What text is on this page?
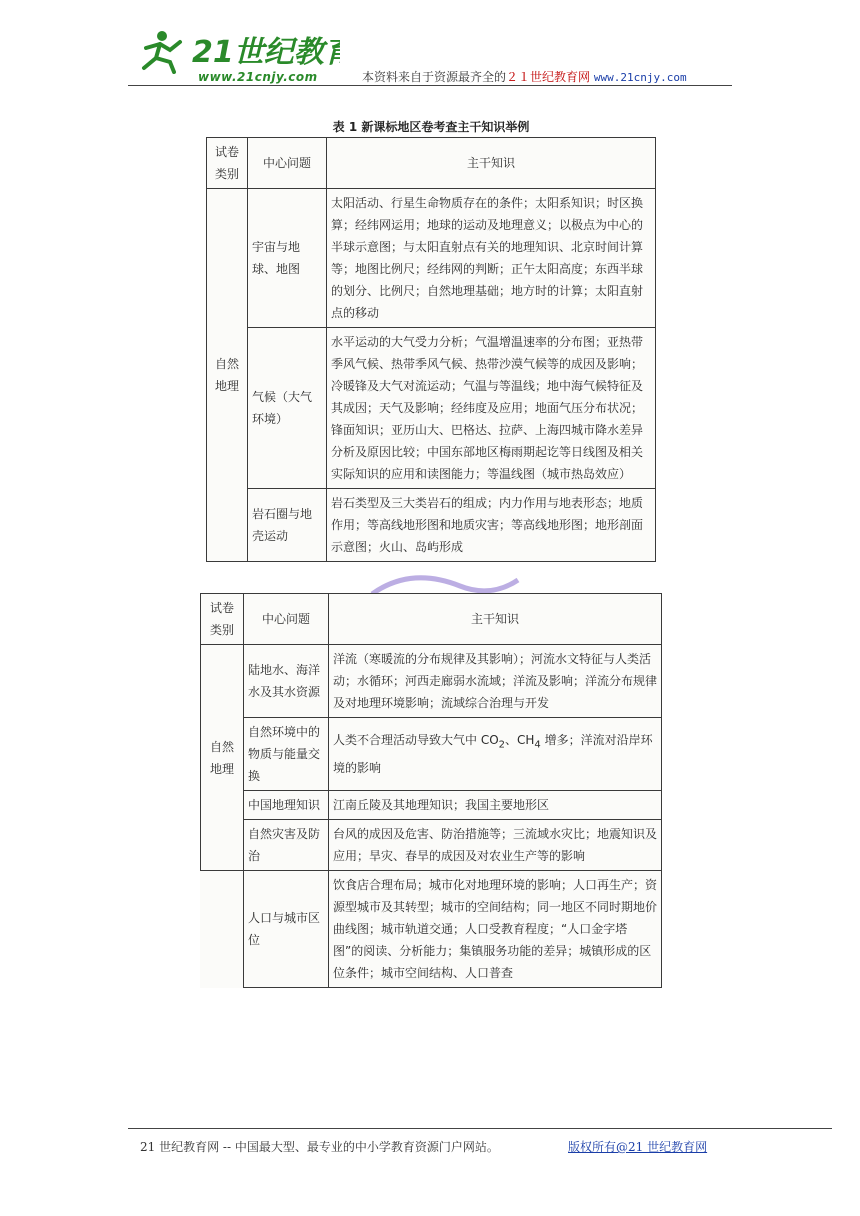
21世纪教育
www.21cnjy.com	本资料来自于资源最齐全的２１世纪教育网 www.21cnjy.com
表 1 新课标地区卷考查主干知识举例
试卷类别	中心问题	主干知识
自然地理	宇宙与地球、地图	太阳活动、行星生命物质存在的条件；太阳系知识；时区换算；经纬网运用；地球的运动及地理意义；以极点为中心的半球示意图；与太阳直射点有关的地理知识、北京时间计算等；地图比例尺；经纬网的判断；正午太阳高度；东西半球的划分、比例尺；自然地理基础；地方时的计算；太阳直射点的移动
	气候（大气环境）	水平运动的大气受力分析；气温增温速率的分布图；亚热带季风气候、热带季风气候、热带沙漠气候等的成因及影响；冷暖锋及大气对流运动；气温与等温线；地中海气候特征及其成因；天气及影响；经纬度及应用；地面气压分布状况；锋面知识；亚历山大、巴格达、拉萨、上海四城市降水差异分析及原因比较；中国东部地区梅雨期起讫等日线图及相关实际知识的应用和读图能力；等温线图（城市热岛效应）
	岩石圈与地壳运动	岩石类型及三大类岩石的组成；内力作用与地表形态；地质作用；等高线地形图和地质灾害；等高线地形图；地形剖面示意图；火山、岛屿形成
试卷类别	中心问题	主干知识
自然地理	陆地水、海洋水及其水资源	洋流（寒暖流的分布规律及其影响）；河流水文特征与人类活动；水循环；河西走廊弱水流域；洋流及影响；洋流分布规律及对地理环境影响；流域综合治理与开发
	自然环境中的物质与能量交换	人类不合理活动导致大气中 $CO_2$、$CH_4$ 增多；洋流对沿岸环境的影响
	中国地理知识	江南丘陵及其地理知识；我国主要地形区
	自然灾害及防治	台风的成因及危害、防治措施等；三流域水灾比；地震知识及应用；旱灾、春旱的成因及对农业生产等的影响
	人口与城市区位	饮食店合理布局；城市化对地理环境的影响；人口再生产；资源型城市及其转型；城市的空间结构；同一地区不同时期地价曲线图；城市轨道交通；人口受教育程度；“人口金字塔图”的阅读、分析能力；集镇服务功能的差异；城镇形成的区位条件；城市空间结构、人口普查
21 世纪教育网 -- 中国最大型、最专业的中小学教育资源门户网站。	版权所有@21 世纪教育网
